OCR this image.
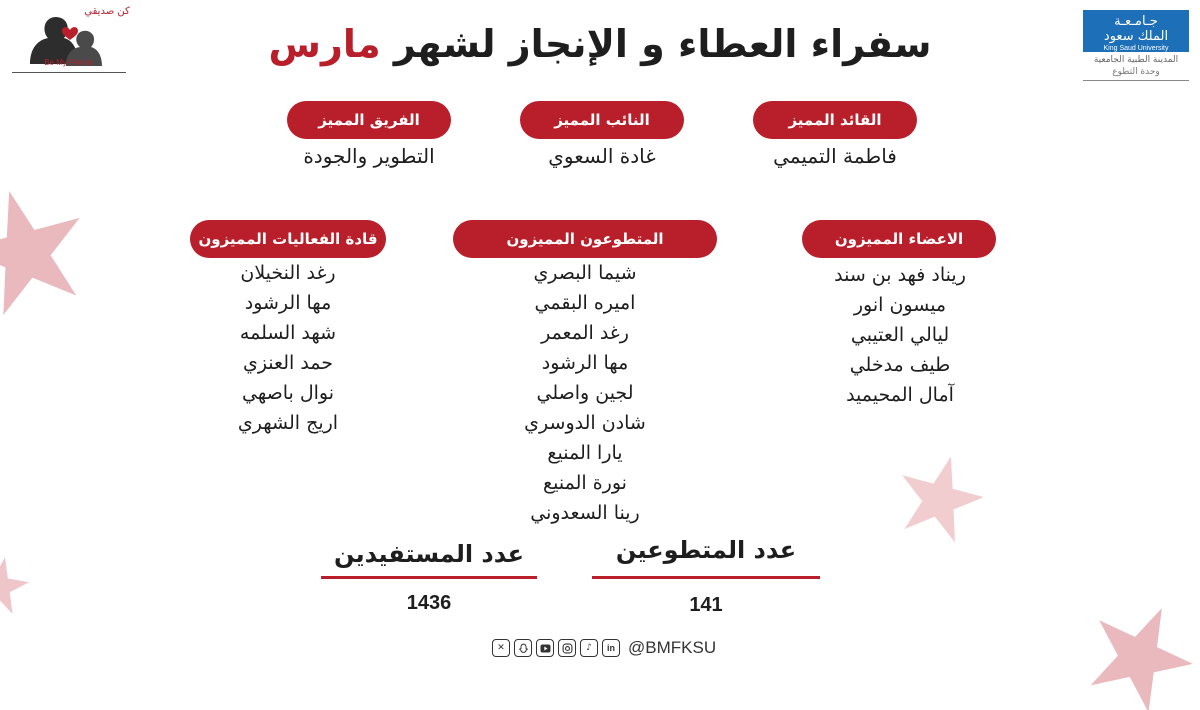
كن صديقي
Be My Friend
جـامـعـة
الملك سعود
King Saud University
المدينة الطبية الجامعية
وحدة التطوع
سفراء العطاء و الإنجاز لشهر مارس
القائد المميز
فاطمة التميمي
النائب المميز
غادة السعوي
الفريق المميز
التطوير والجودة
الاعضاء المميزون
ريناد فهد بن سند
ميسون انور
ليالي العتيبي
طيف مدخلي
آمال المحيميد
المتطوعون المميزون
شيما البصري
اميره البقمي
رغد المعمر
مها الرشود
لجين واصلي
شادن الدوسري
يارا المنيع
نورة المنيع
رينا السعدوني
قادة الفعاليات المميزون
رغد النخيلان
مها الرشود
شهد السلمه
حمد العنزي
نوال باصهي
اريج الشهري
عدد المتطوعين
141
عدد المستفيدين
1436
✕	♪	in @BMFKSU
